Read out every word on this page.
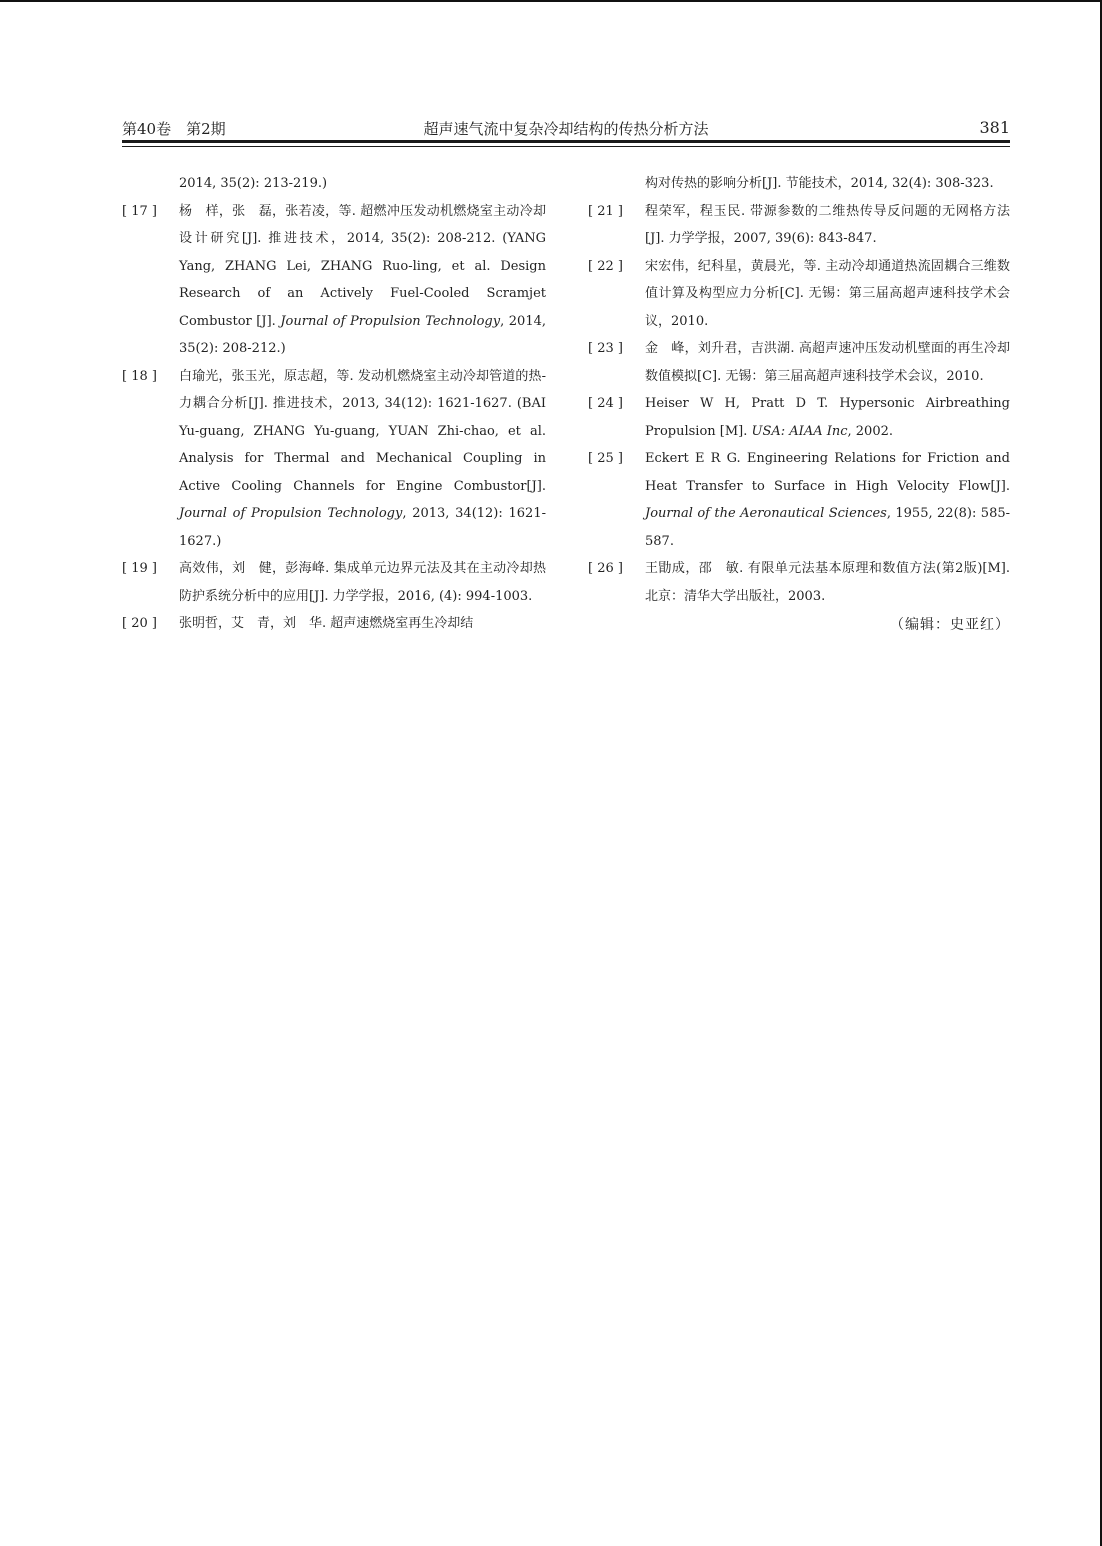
第40卷　第2期	超声速气流中复杂冷却结构的传热分析方法	381
2014, 35(2): 213-219.)
[ 17 ]	杨　样，张　磊，张若凌，等. 超燃冲压发动机燃烧室主动冷却设计研究[J]. 推进技术，2014, 35(2): 208-212. (YANG Yang, ZHANG Lei, ZHANG Ruo-ling, et al. Design Research of an Actively Fuel-Cooled Scramjet Combustor [J]. Journal of Propulsion Technology, 2014, 35(2): 208-212.)
[ 18 ]	白瑜光，张玉光，原志超，等. 发动机燃烧室主动冷却管道的热-力耦合分析[J]. 推进技术，2013, 34(12): 1621-1627. (BAI Yu-guang, ZHANG Yu-guang, YUAN Zhi-chao, et al. Analysis for Thermal and Mechanical Coupling in Active Cooling Channels for Engine Combustor[J]. Journal of Propulsion Technology, 2013, 34(12): 1621-1627.)
[ 19 ]	高效伟，刘　健，彭海峰. 集成单元边界元法及其在主动冷却热防护系统分析中的应用[J]. 力学学报，2016, (4): 994-1003.
[ 20 ]	张明哲，艾　青，刘　华. 超声速燃烧室再生冷却结
构对传热的影响分析[J]. 节能技术，2014, 32(4): 308-323.
[ 21 ]	程荣军，程玉民. 带源参数的二维热传导反问题的无网格方法[J]. 力学学报，2007, 39(6): 843-847.
[ 22 ]	宋宏伟，纪科星，黄晨光，等. 主动冷却通道热流固耦合三维数值计算及构型应力分析[C]. 无锡：第三届高超声速科技学术会议，2010.
[ 23 ]	金　峰，刘升君，吉洪湖. 高超声速冲压发动机壁面的再生冷却数值模拟[C]. 无锡：第三届高超声速科技学术会议，2010.
[ 24 ]	Heiser W H, Pratt D T. Hypersonic Airbreathing Propulsion [M]. USA: AIAA Inc, 2002.
[ 25 ]	Eckert E R G. Engineering Relations for Friction and Heat Transfer to Surface in High Velocity Flow[J]. Journal of the Aeronautical Sciences, 1955, 22(8): 585-587.
[ 26 ]	王勖成，邵　敏. 有限单元法基本原理和数值方法(第2版)[M]. 北京：清华大学出版社，2003.
（编辑：史亚红）
